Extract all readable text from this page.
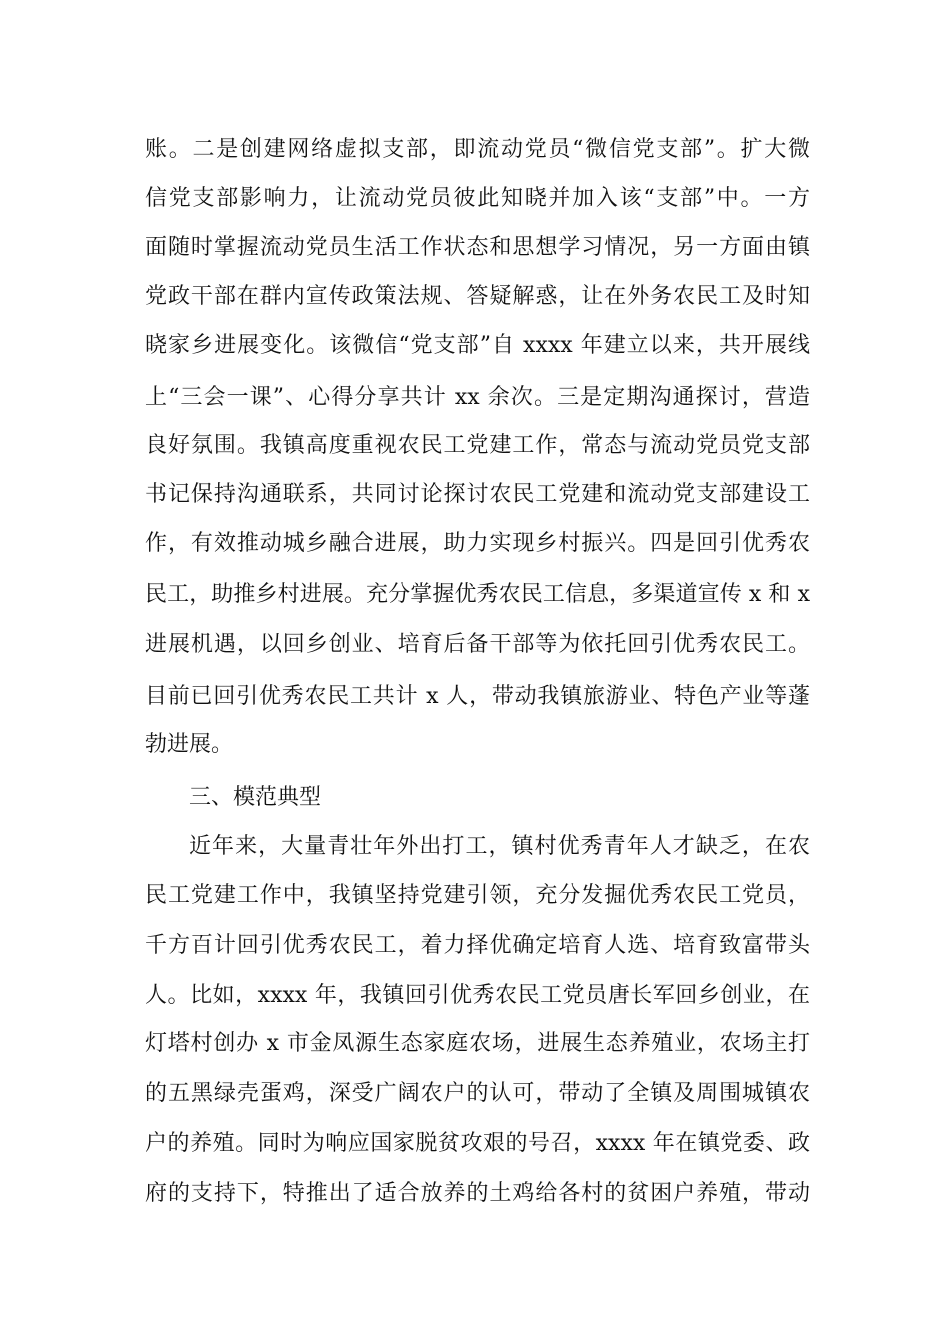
账。二是创建网络虚拟支部，即流动党员“微信党支部”。扩大微
信党支部影响力，让流动党员彼此知晓并加入该“支部”中。一方
面随时掌握流动党员生活工作状态和思想学习情况，另一方面由镇
党政干部在群内宣传政策法规、答疑解惑，让在外务农民工及时知
晓家乡进展变化。该微信“党支部”自 xxxx 年建立以来，共开展线
上“三会一课”、心得分享共计 xx 余次。三是定期沟通探讨，营造
良好氛围。我镇高度重视农民工党建工作，常态与流动党员党支部
书记保持沟通联系，共同讨论探讨农民工党建和流动党支部建设工
作，有效推动城乡融合进展，助力实现乡村振兴。四是回引优秀农
民工，助推乡村进展。充分掌握优秀农民工信息，多渠道宣传 x 和 x
进展机遇，以回乡创业、培育后备干部等为依托回引优秀农民工。
目前已回引优秀农民工共计 x 人，带动我镇旅游业、特色产业等蓬
勃进展。
三、模范典型
近年来，大量青壮年外出打工，镇村优秀青年人才缺乏，在农
民工党建工作中，我镇坚持党建引领，充分发掘优秀农民工党员，
千方百计回引优秀农民工，着力择优确定培育人选、培育致富带头
人。比如，xxxx 年，我镇回引优秀农民工党员唐长军回乡创业，在
灯塔村创办 x 市金凤源生态家庭农场，进展生态养殖业，农场主打
的五黑绿壳蛋鸡，深受广阔农户的认可，带动了全镇及周围城镇农
户的养殖。同时为响应国家脱贫攻艰的号召，xxxx 年在镇党委、政
府的支持下，特推出了适合放养的土鸡给各村的贫困户养殖，带动
